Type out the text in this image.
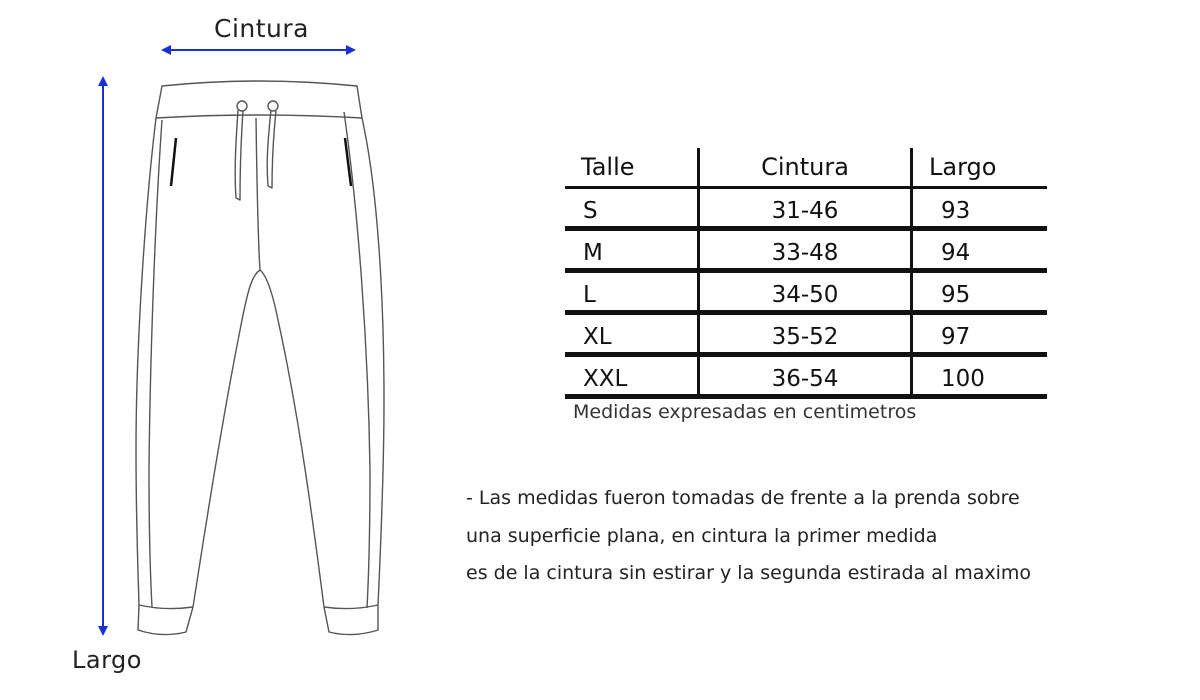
Cintura
Largo
Talle	Cintura	Largo
S	31-46	93
M	33-48	94
L	34-50	95
XL	35-52	97
XXL	36-54	100
Medidas expresadas en centimetros
- Las medidas fueron tomadas de frente a la prenda sobre
una superficie plana, en cintura la primer medida
es de la cintura sin estirar y la segunda estirada al maximo
